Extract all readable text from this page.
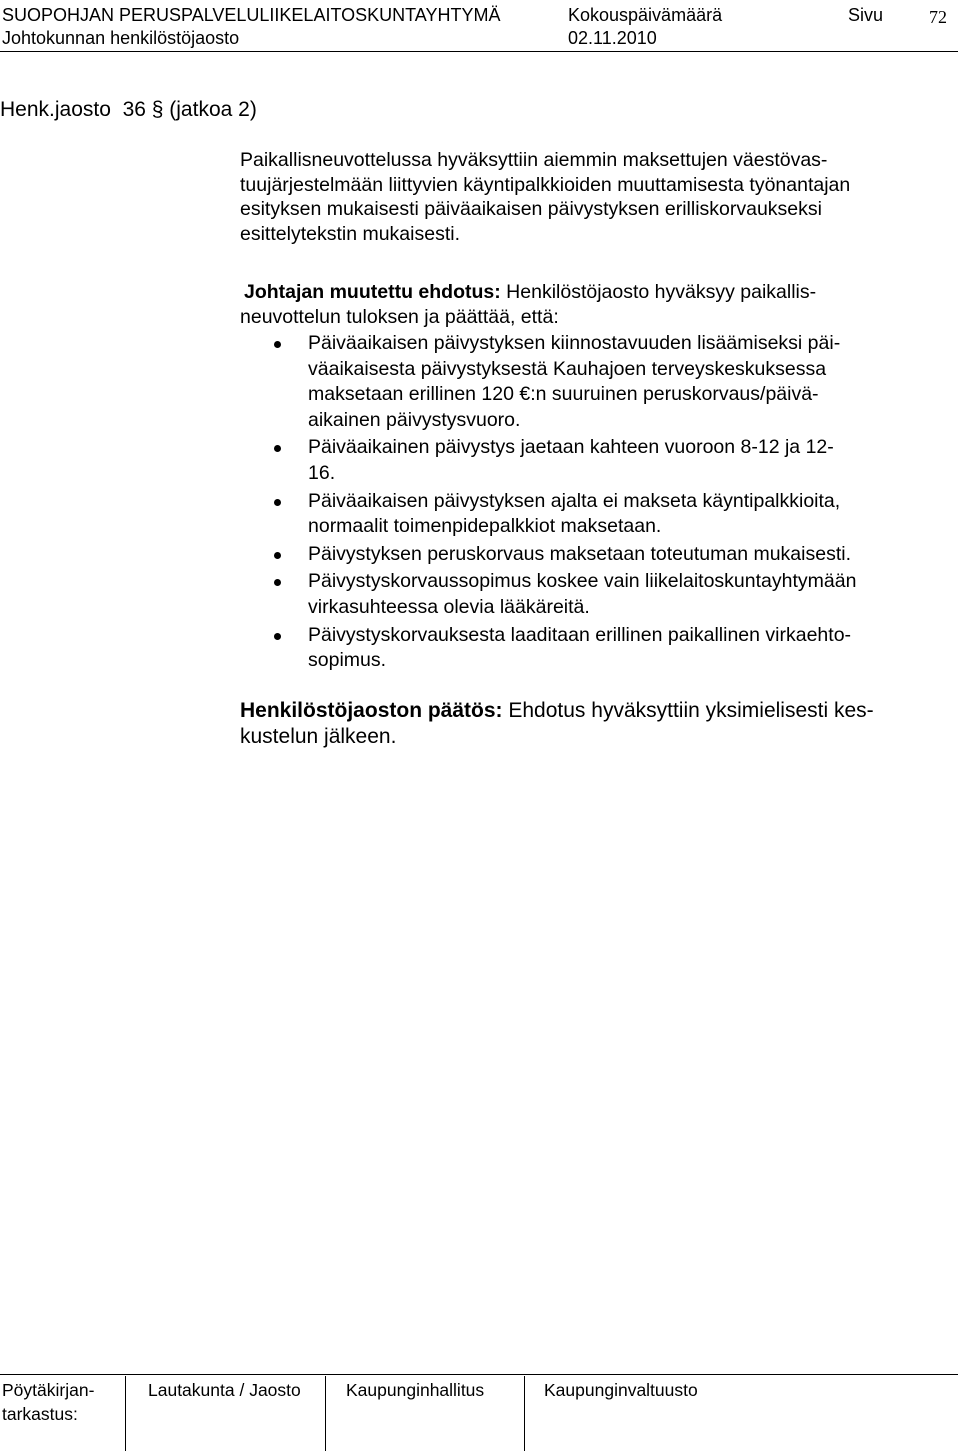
SUOPOHJAN PERUSPALVELULIIKELAITOSKUNTAYHTYMÄ	Kokouspäivämäärä	Sivu	72
Johtokunnan henkilöstöjaosto	02.11.2010
Henk.jaosto  36 § (jatkoa 2)
Paikallisneuvottelussa hyväksyttiin aiemmin maksettujen väestövas-
tuujärjestelmään liittyvien käyntipalkkioiden muuttamisesta työnantajan
esityksen mukaisesti päiväaikaisen päivystyksen erilliskorvaukseksi
esittelytekstin mukaisesti.
Johtajan muutettu ehdotus: Henkilöstöjaosto hyväksyy paikallis-
neuvottelun tuloksen ja päättää, että:
Päiväaikaisen päivystyksen kiinnostavuuden lisäämiseksi päi-
väaikaisesta päivystyksestä Kauhajoen terveyskeskuksessa
maksetaan erillinen 120 €:n suuruinen peruskorvaus/päivä-
aikainen päivystysvuoro.
Päiväaikainen päivystys jaetaan kahteen vuoroon 8-12 ja 12-
16.
Päiväaikaisen päivystyksen ajalta ei makseta käyntipalkkioita,
normaalit toimenpidepalkkiot maksetaan.
Päivystyksen peruskorvaus maksetaan toteutuman mukaisesti.
Päivystyskorvaussopimus koskee vain liikelaitoskuntayhtymään
virkasuhteessa olevia lääkäreitä.
Päivystyskorvauksesta laaditaan erillinen paikallinen virkaehto-
sopimus.
Henkilöstöjaoston päätös: Ehdotus hyväksyttiin yksimielisesti kes-
kustelun jälkeen.
Pöytäkirjan-
tarkastus:
Lautakunta / Jaosto	Kaupunginhallitus	Kaupunginvaltuusto
